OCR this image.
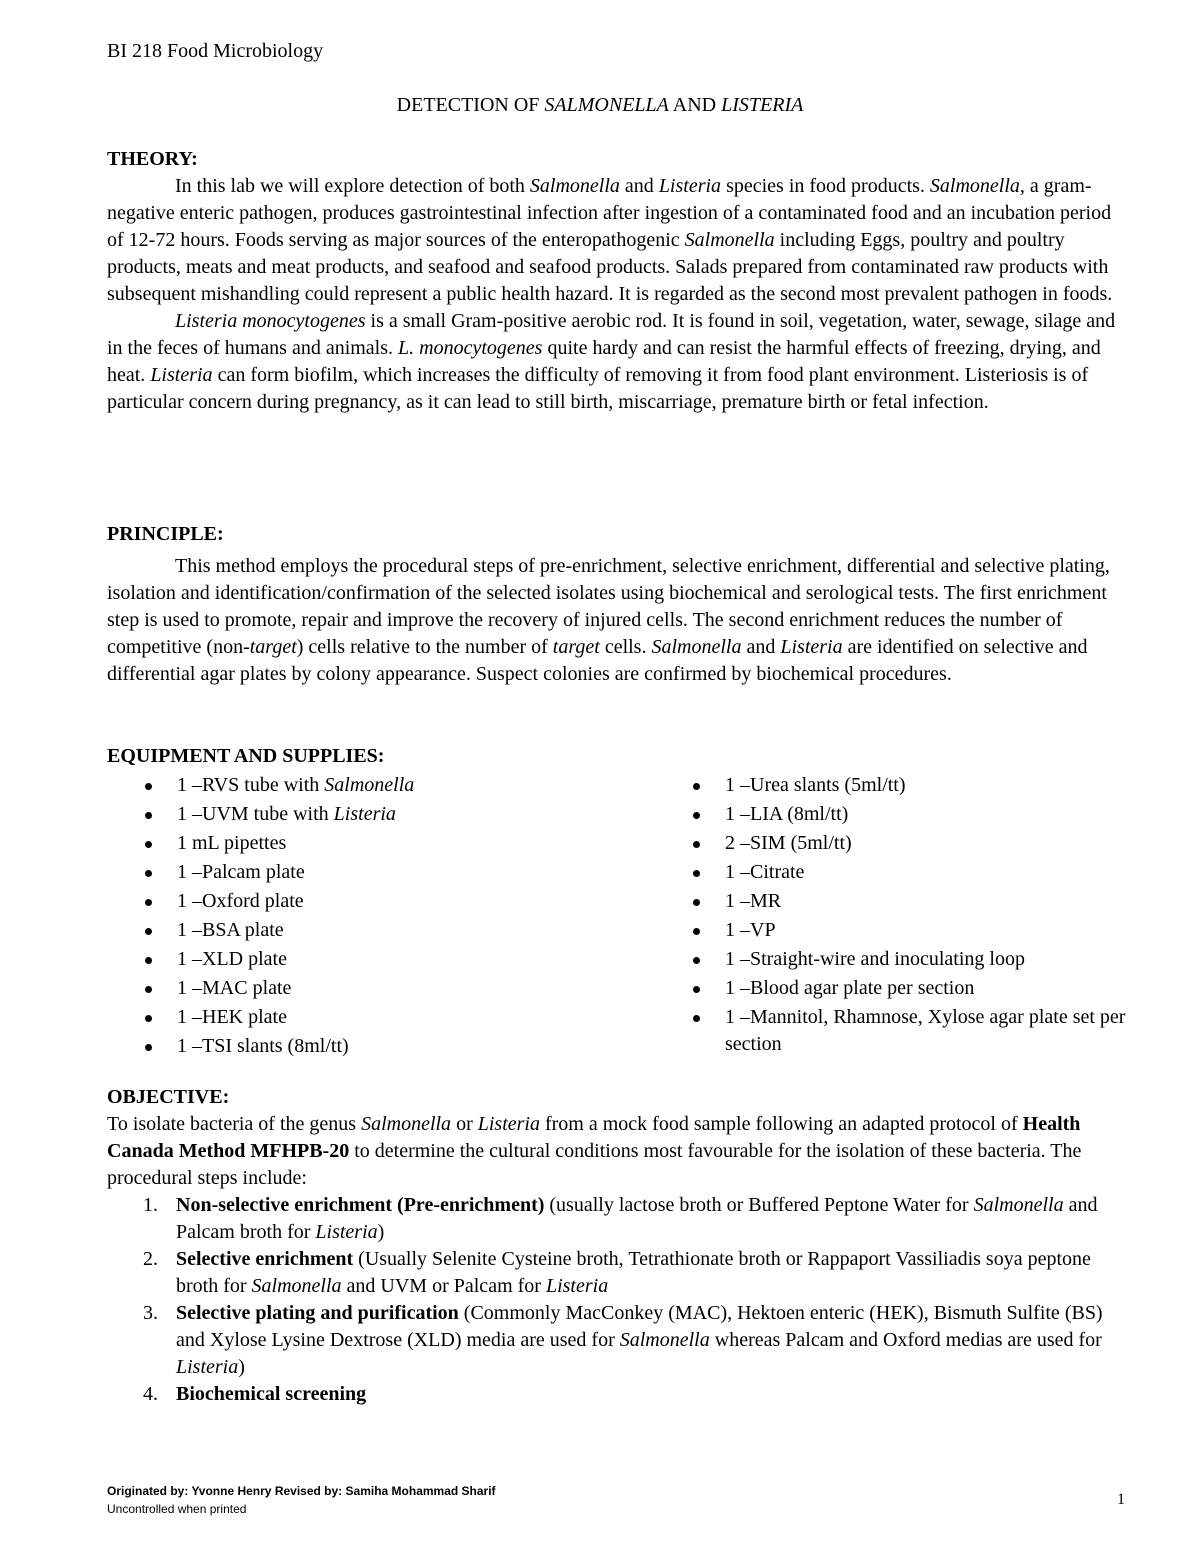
BI 218 Food Microbiology
DETECTION OF SALMONELLA AND LISTERIA
THEORY:

In this lab we will explore detection of both Salmonella and Listeria species in food products. Salmonella, a gram-negative enteric pathogen, produces gastrointestinal infection after ingestion of a contaminated food and an incubation period of 12-72 hours. Foods serving as major sources of the enteropathogenic Salmonella including Eggs, poultry and poultry products, meats and meat products, and seafood and seafood products. Salads prepared from contaminated raw products with subsequent mishandling could represent a public health hazard. It is regarded as the second most prevalent pathogen in foods.

Listeria monocytogenes is a small Gram-positive aerobic rod. It is found in soil, vegetation, water, sewage, silage and in the feces of humans and animals. L. monocytogenes quite hardy and can resist the harmful effects of freezing, drying, and heat. Listeria can form biofilm, which increases the difficulty of removing it from food plant environment. Listeriosis is of particular concern during pregnancy, as it can lead to still birth, miscarriage, premature birth or fetal infection.

PRINCIPLE:

This method employs the procedural steps of pre-enrichment, selective enrichment, differential and selective plating, isolation and identification/confirmation of the selected isolates using biochemical and serological tests. The first enrichment step is used to promote, repair and improve the recovery of injured cells. The second enrichment reduces the number of competitive (non-target) cells relative to the number of target cells. Salmonella and Listeria are identified on selective and differential agar plates by colony appearance. Suspect colonies are confirmed by biochemical procedures.

EQUIPMENT AND SUPPLIES:
1 –RVS tube with Salmonella
1 –UVM tube with Listeria
1 mL pipettes
1 –Palcam plate
1 –Oxford plate
1 –BSA plate
1 –XLD plate
1 –MAC plate
1 –HEK plate
1 –TSI slants (8ml/tt)
1 –Urea slants (5ml/tt)
1 –LIA (8ml/tt)
2 –SIM (5ml/tt)
1 –Citrate
1 –MR
1 –VP
1 –Straight-wire and inoculating loop
1 –Blood agar plate per section
1 –Mannitol, Rhamnose, Xylose agar plate set per section
OBJECTIVE:
To isolate bacteria of the genus Salmonella or Listeria from a mock food sample following an adapted protocol of Health Canada Method MFHPB-20 to determine the cultural conditions most favourable for the isolation of these bacteria. The procedural steps include:
1. Non-selective enrichment (Pre-enrichment) (usually lactose broth or Buffered Peptone Water for Salmonella and Palcam broth for Listeria)
2. Selective enrichment (Usually Selenite Cysteine broth, Tetrathionate broth or Rappaport Vassiliadis soya peptone broth for Salmonella and UVM or Palcam for Listeria
3. Selective plating and purification (Commonly MacConkey (MAC), Hektoen enteric (HEK), Bismuth Sulfite (BS) and Xylose Lysine Dextrose (XLD) media are used for Salmonella whereas Palcam and Oxford medias are used for Listeria)
4. Biochemical screening
Originated by: Yvonne Henry Revised by: Samiha Mohammad Sharif
Uncontrolled when printed
1
